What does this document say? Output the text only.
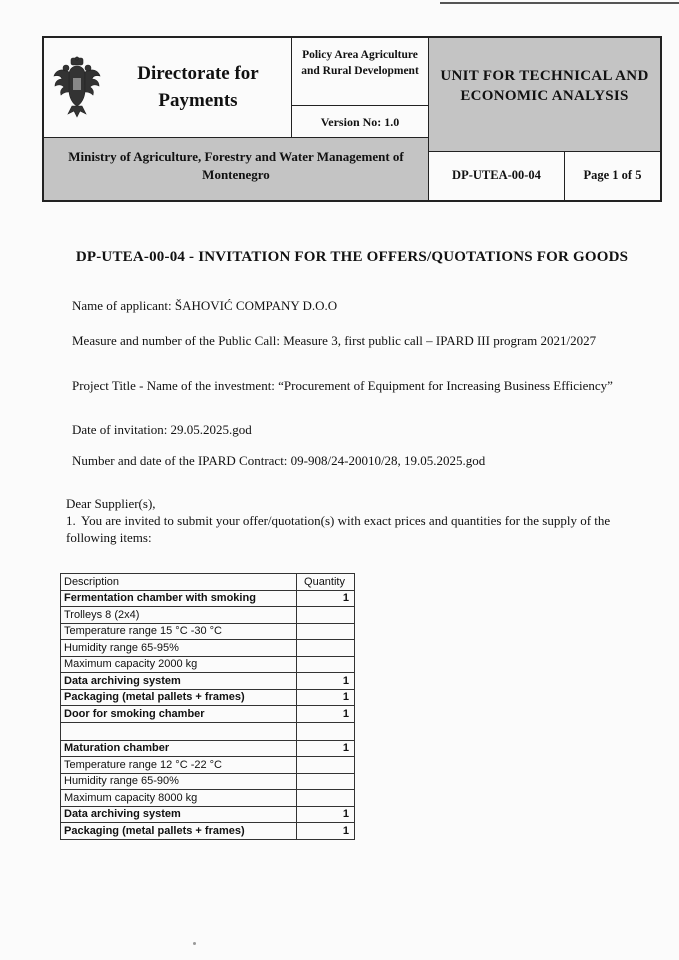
Directorate for Payments
Policy Area Agriculture and Rural Development
Version No: 1.0
UNIT FOR TECHNICAL AND ECONOMIC ANALYSIS
Ministry of Agriculture, Forestry and Water Management of Montenegro	DP-UTEA-00-04	Page 1 of 5
DP-UTEA-00-04 - INVITATION FOR THE OFFERS/QUOTATIONS FOR GOODS
Name of applicant: ŠAHOVIĆ COMPANY D.O.O
Measure and number of the Public Call: Measure 3, first public call – IPARD III program 2021/2027
Project Title - Name of the investment: “Procurement of Equipment for Increasing Business Efficiency”
Date of invitation: 29.05.2025.god
Number and date of the IPARD Contract: 09-908/24-20010/28, 19.05.2025.god
Dear Supplier(s),
1. You are invited to submit your offer/quotation(s) with exact prices and quantities for the supply of the following items:
Description	Quantity
Fermentation chamber with smoking	1
Trolleys 8 (2x4)	
Temperature range 15 °C -30 °C	
Humidity range 65-95%	
Maximum capacity 2000 kg	
Data archiving system	1
Packaging (metal pallets + frames)	1
Door for smoking chamber	1

Maturation chamber	1
Temperature range 12 °C -22 °C	
Humidity range 65-90%	
Maximum capacity 8000 kg	
Data archiving system	1
Packaging (metal pallets + frames)	1
